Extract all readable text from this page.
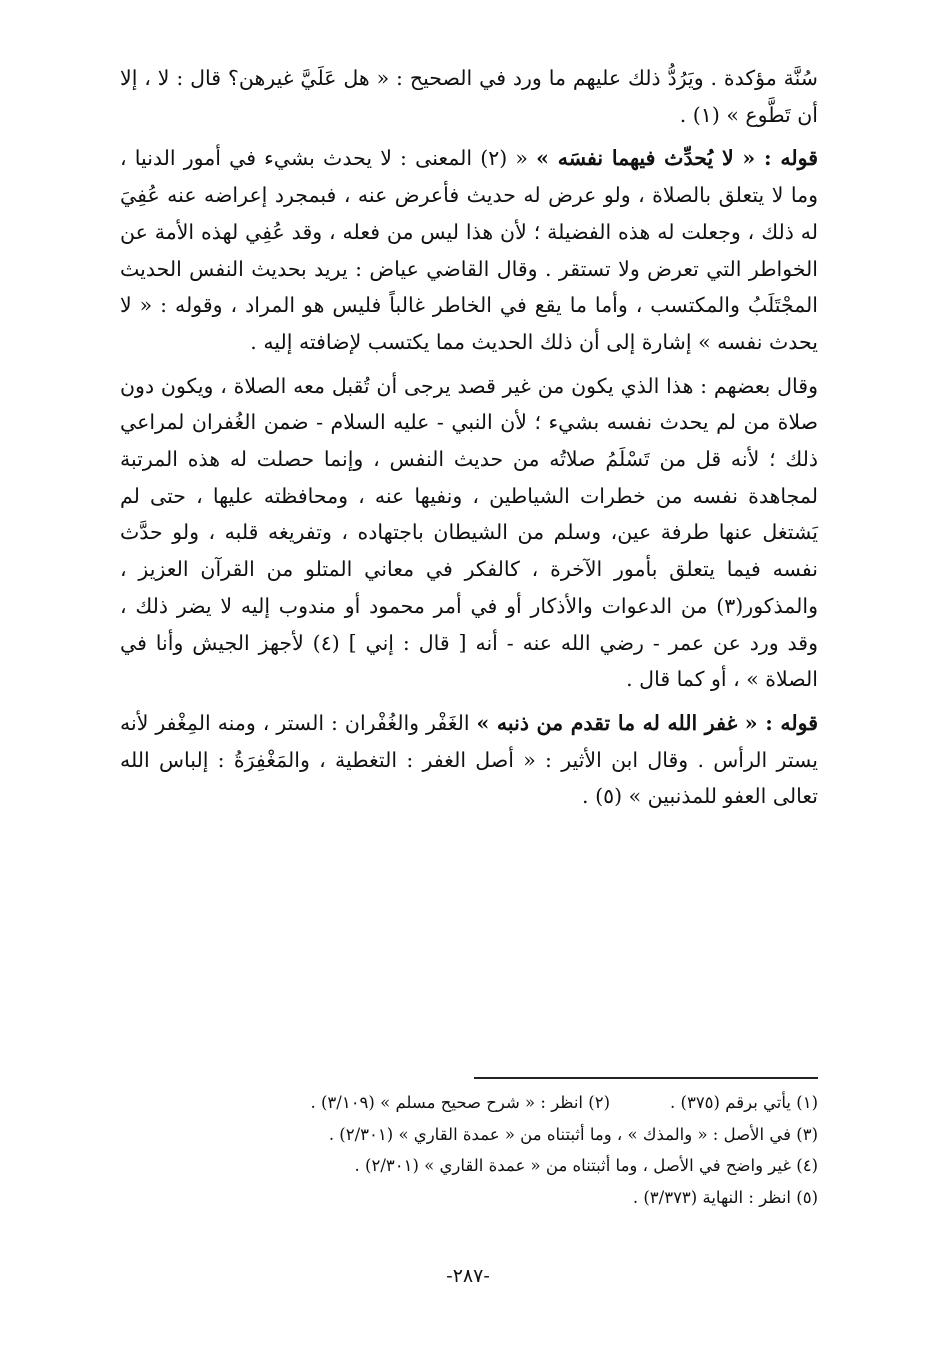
سُنَّة مؤكدة . ويَرُدُّ ذلك عليهم ما ورد في الصحيح : « هل عَلَيَّ غيرهن؟ قال : لا ، إلا أن تَطَّوع » (١) .

قوله : « لا يُحدِّث فيهما نفسَه » « (٢) المعنى : لا يحدث بشيء في أمور الدنيا ، وما لا يتعلق بالصلاة ، ولو عرض له حديث فأعرض عنه ، فبمجرد إعراضه عنه عُفِيَ له ذلك ، وجعلت له هذه الفضيلة ؛ لأن هذا ليس من فعله ، وقد عُفِي لهذه الأمة عن الخواطر التي تعرض ولا تستقر . وقال القاضي عياض : يريد بحديث النفس الحديث المجْتَلَبُ والمكتسب ، وأما ما يقع في الخاطر غالباً فليس هو المراد ، وقوله : « لا يحدث نفسه » إشارة إلى أن ذلك الحديث مما يكتسب لإضافته إليه .

وقال بعضهم : هذا الذي يكون من غير قصد يرجى أن تُقبل معه الصلاة ، ويكون دون صلاة من لم يحدث نفسه بشيء ؛ لأن النبي - عليه السلام - ضمن الغُفران لمراعي ذلك ؛ لأنه قل من تَسْلَمُ صلاتُه من حديث النفس ، وإنما حصلت له هذه المرتبة لمجاهدة نفسه من خطرات الشياطين ، ونفيها عنه ، ومحافظته عليها ، حتى لم يَشتغل عنها طرفة عين، وسلم من الشيطان باجتهاده ، وتفريغه قلبه ، ولو حدَّث نفسه فيما يتعلق بأمور الآخرة ، كالفكر في معاني المتلو من القرآن العزيز ، والمذكور(٣) من الدعوات والأذكار أو في أمر محمود أو مندوب إليه لا يضر ذلك ، وقد ورد عن عمر - رضي الله عنه - أنه [ قال : إني ] (٤) لأجهز الجيش وأنا في الصلاة » ، أو كما قال .

قوله : « غفر الله له ما تقدم من ذنبه » الغَفْر والغُفْران : الستر ، ومنه المِغْفر لأنه يستر الرأس . وقال ابن الأثير : « أصل الغفر : التغطية ، والمَغْفِرَةُ : إلباس الله تعالى العفو للمذنبين » (٥) .

(١) يأتي برقم (٣٧٥) .

(٢) انظر : « شرح صحيح مسلم » (٣/١٠٩) .

(٣) في الأصل : « والمذك » ، وما أثبتناه من « عمدة القاري » (٢/٣٠١) .

(٤) غير واضح في الأصل ، وما أثبتناه من « عمدة القاري » (٢/٣٠١) .

(٥) انظر : النهاية (٣/٣٧٣) .

-٢٨٧-
